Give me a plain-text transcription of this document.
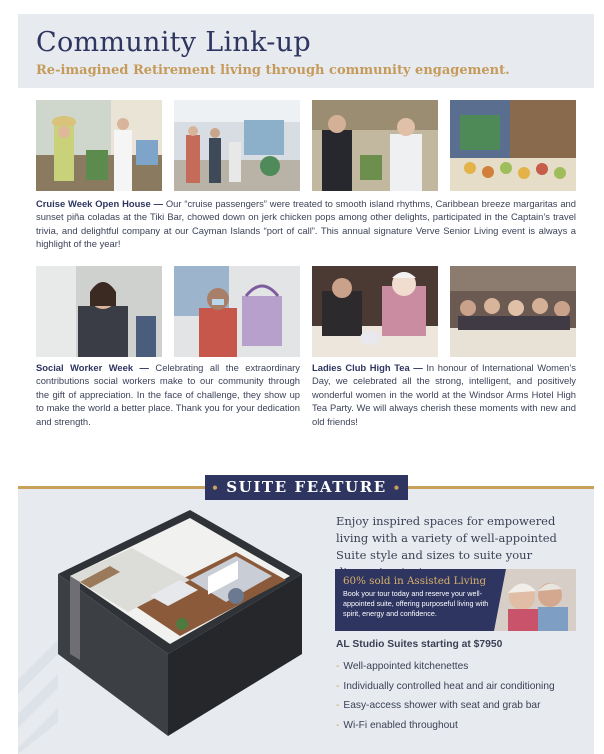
Community Link-up
Re-imagined Retirement living through community engagement.
Cruise Week Open House — Our “cruise passengers” were treated to smooth island rhythms, Caribbean breeze margaritas and sunset piña coladas at the Tiki Bar, chowed down on jerk chicken pops among other delights, participated in the Captain’s travel trivia, and delightful company at our Cayman Islands “port of call”. This annual signature Verve Senior Living event is always a highlight of the year!
Social Worker Week — Celebrating all the extraordinary contributions social workers make to our community through the gift of appreciation. In the face of challenge, they show up to make the world a better place. Thank you for your dedication and strength.
Ladies Club High Tea — In honour of International Women’s Day, we celebrated all the strong, intelligent, and positively wonderful women in the world at the Windsor Arms Hotel High Tea Party. We will always cherish these moments with new and old friends!
• SUITE FEATURE •
Enjoy inspired spaces for empowered living with a variety of well-appointed Suite style and sizes to suite your
60% sold in Assisted Living
Book your tour today and reserve your well-appointed suite, offering purposeful living with spirit, energy and confidence.
AL Studio Suites starting at $7950
- Well-appointed kitchenettes
- Individually controlled heat and air conditioning
- Easy-access shower with seat and grab bar
- Wi-Fi enabled throughout
